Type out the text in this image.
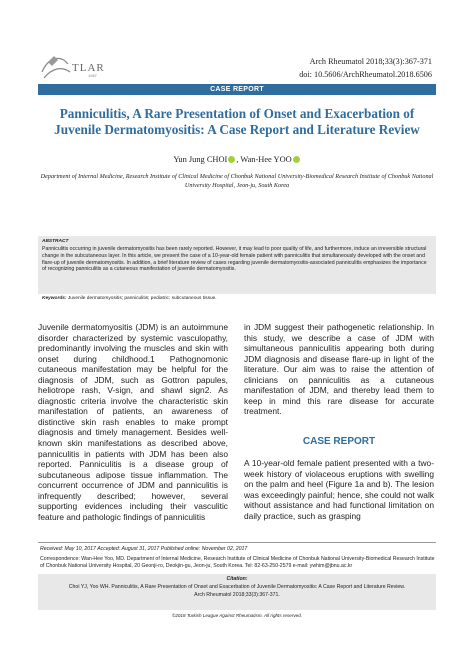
TLAR
1987
Arch Rheumatol 2018;33(3):367-371
doi: 10.5606/ArchRheumatol.2018.6506
CASE REPORT
Panniculitis, A Rare Presentation of Onset and Exacerbation of Juvenile Dermatomyositis: A Case Report and Literature Review
Yun Jung CHOI , Wan-Hee YOO
Department of Internal Medicine, Research Institute of Clinical Medicine of Chonbuk National University-Biomedical Research Institute of Chonbuk National University Hospital, Jeon-ju, South Korea
ABSTRACT
Panniculitis occurring in juvenile dermatomyositis has been rarely reported. However, it may lead to poor quality of life, and furthermore, induce an irreversible structural change in the subcutaneous layer. In this article, we present the case of a 10-year-old female patient with panniculitis that simultaneously developed with the onset and flare-up of juvenile dermatomyositis. In addition, a brief literature review of cases regarding juvenile dermatomyositis-associated panniculitis emphasizes the importance of recognizing panniculitis as a cutaneous manifestation of juvenile dermatomyositis.
Keywords: Juvenile dermatomyositis; panniculitis; pediatric; subcutaneous tissue.

Juvenile dermatomyositis (JDM) is an autoimmune disorder characterized by systemic vasculopathy, predominantly involving the muscles and skin with onset during childhood.1 Pathognomonic cutaneous manifestation may be helpful for the diagnosis of JDM, such as Gottron papules, heliotrope rash, V-sign, and shawl sign2. As diagnostic criteria involve the characteristic skin manifestation of patients, an awareness of distinctive skin rash enables to make prompt diagnosis and timely management. Besides well-known skin manifestations as described above, panniculitis in patients with JDM has been also reported. Panniculitis is a disease group of subcutaneous adipose tissue inflammation. The concurrent occurrence of JDM and panniculitis is infrequently described; however, several supporting evidences including their vasculitic feature and pathologic findings of panniculitis

in JDM suggest their pathogenetic relationship. In this study, we describe a case of JDM with simultaneous panniculitis appearing both during JDM diagnosis and disease flare-up in light of the literature. Our aim was to raise the attention of clinicians on panniculitis as a cutaneous manifestation of JDM, and thereby lead them to keep in mind this rare disease for accurate treatment.

CASE REPORT
A 10-year-old female patient presented with a two-week history of violaceous eruptions with swelling on the palm and heel (Figure 1a and b). The lesion was exceedingly painful; hence, she could not walk without assistance and had functional limitation on daily practice, such as grasping
Received: May 10, 2017 Accepted: August 31, 2017 Published online: November 02, 2017
Correspondence: Wan-Hee Yoo, MD. Department of Internal Medicine, Research Institute of Clinical Medicine of Chonbuk National University-Biomedical Research Institute of Chonbuk National University Hospital, 20 Geonji-ro, Deokjin-gu, Jeon-ju, South Korea. Tel: 82-63-250-2579 e-mail: ywhim@jbnu.ac.kr
Citation:
Choi YJ, Yoo WH. Panniculitis, A Rare Presentation of Onset and Exacerbation of Juvenile Dermatomyositis: A Case Report and Literature Review.
Arch Rheumatol 2018;33(3):367-371.
©2018 Turkish League Against Rheumatism. All rights reserved.
